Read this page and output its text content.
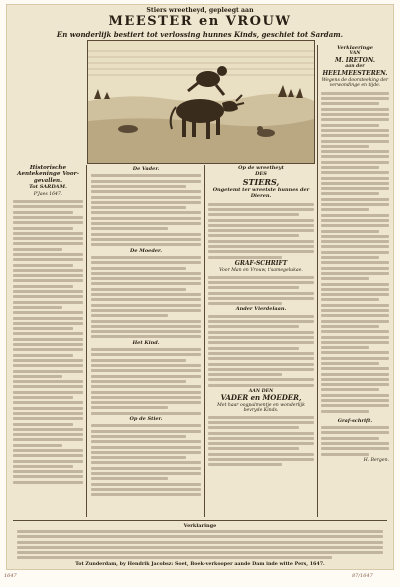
Stiers wreetheyd, gepleegt aan
MEESTER en VROUW
En wonderlijk bestiert tot verlossing hunnes Kinds, geschiet tot Sardam.
Historische Aentekeninge Voor-gevallen.
Tot SARDAM.
P'Jaes 1647.
De Vader.
De Moeder.
Het Kind.
Op de Stier.
Op de wreetheyt
DES
STIERS,
Ongetemt ter wreetste hunnes der Dieren.
GRAF-SCHRIFT
Voor Man en Vrouw, t'samegelukae.
Ander Vierdelaan.
AAN DEN
VADER en MOEDER,
Met haar oogpalmentje en wonderlijk bevryde Kinds.
Verklaeringe
VAN
M. IRETON.
aan der
HEELMEESTEREN.
Wegens de doorsteeking der verwondinge en tijde.
Graf-schrift.
H. Bergen.
Verklaringe
Tot Zunderdam, by Hendrik Jacobsz: Soet, Boek-verkooper aande Dam inde witte Pers, 1647.
1647	87/1647
